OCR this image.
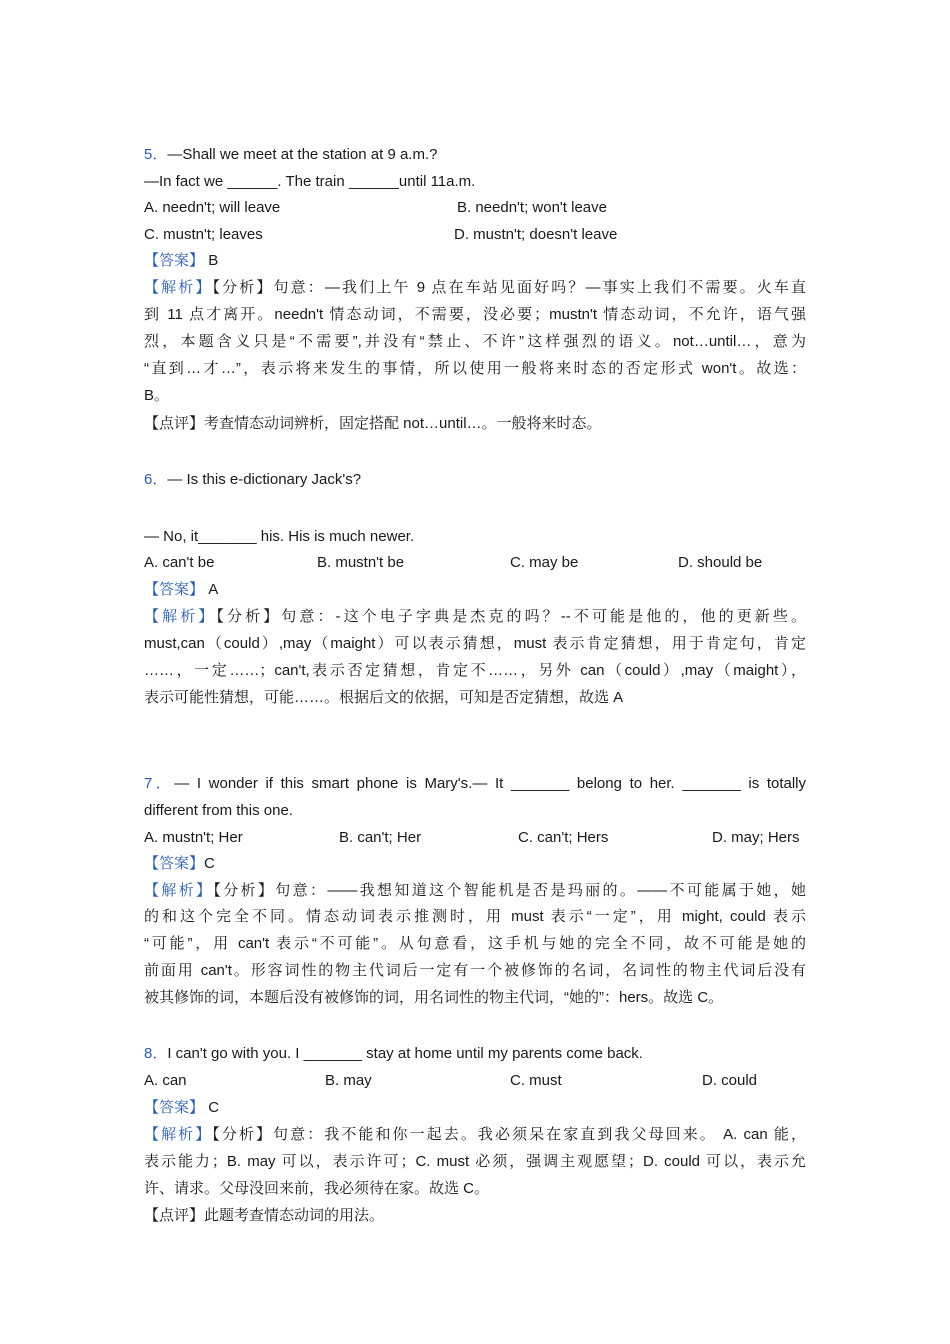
5．—Shall we meet at the station at 9 a.m.?
—In fact we ______. The train ______until 11a.m.
A. needn't; will leave	B. needn't; won't leave
C. mustn't; leaves	D. mustn't; doesn't leave
【答案】 B
【解析】【分析】句意：—我们上午 9 点在车站见面好吗？—事实上我们不需要。火车直
到 11 点才离开。needn't 情态动词，不需要，没必要；mustn't 情态动词，不允许，语气强
烈，本题含义只是“不需要”,并没有“禁止、不许”这样强烈的语义。not…until…，意为
“直到…才…”，表示将来发生的事情，所以使用一般将来时态的否定形式 won't。故选：
B。
【点评】考查情态动词辨析，固定搭配 not…until…。一般将来时态。
6．— Is this e-dictionary Jack's?
— No, it_______ his. His is much newer.
A. can't be	B. mustn't be	C. may be	D. should be
【答案】 A
【解析】【分析】句意：-这个电子字典是杰克的吗？--不可能是他的，他的更新些。
must,can（could）,may（maight）可以表示猜想，must 表示肯定猜想，用于肯定句，肯定
……，一定……；can't,表示否定猜想，肯定不……，另外 can（could）,may（maight），
表示可能性猜想，可能……。根据后文的依据，可知是否定猜想，故选 A
7．— I wonder if this smart phone is Mary's.— It _______ belong to her. _______ is totally
different from this one.
A. mustn't; Her	B. can't; Her	C. can't; Hers	D. may; Hers
【答案】C
【解析】【分析】句意：——我想知道这个智能机是否是玛丽的。——不可能属于她，她
的和这个完全不同。情态动词表示推测时，用 must 表示“一定”，用 might, could 表示
“可能”，用 can't 表示“不可能”。从句意看，这手机与她的完全不同，故不可能是她的
前面用 can't。形容词性的物主代词后一定有一个被修饰的名词，名词性的物主代词后没有
被其修饰的词，本题后没有被修饰的词，用名词性的物主代词，“她的”：hers。故选 C。
8．I can't go with you. I _______ stay at home until my parents come back.
A. can	B. may	C. must	D. could
【答案】 C
【解析】【分析】句意：我不能和你一起去。我必须呆在家直到我父母回来。 A. can 能，
表示能力；B. may 可以，表示许可；C. must 必须，强调主观愿望；D. could 可以，表示允
许、请求。父母没回来前，我必须待在家。故选 C。
【点评】此题考查情态动词的用法。
